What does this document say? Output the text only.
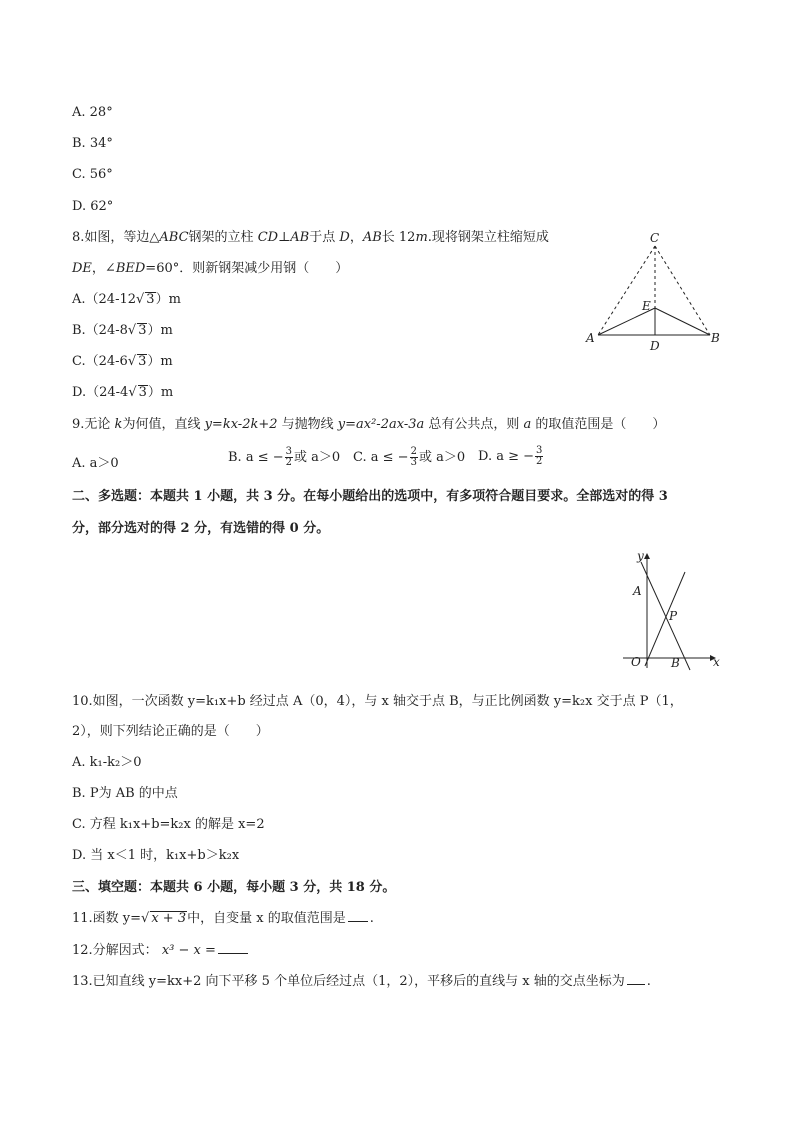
A. 28°
B. 34°
C. 56°
D. 62°
8.如图，等边△ABC钢架的立柱 CD⊥AB于点 D，AB长 12m.现将钢架立柱缩短成
DE，∠BED=60°．则新钢架减少用钢（　　）
A.（24-12√ 3）m
B.（24-8√ 3）m
C.（24-6√ 3）m
D.（24-4√ 3）m
C
E
A
D
B
9.无论 k为何值，直线 y=kx-2k+2 与抛物线 y=ax²-2ax-3a 总有公共点，则 a 的取值范围是（　　）
A. a＞0	B. a ≤ − $\frac{3}{2}$ 或 a＞0 C. a ≤ − $\frac{2}{3}$ 或 a＞0 D. a ≥ − $\frac{3}{2}$
二、多选题：本题共 1 小题，共 3 分。在每小题给出的选项中，有多项符合题目要求。全部选对的得 3
分，部分选对的得 2 分，有选错的得 0 分。
y
x
A
P
O	B
10.如图，一次函数 y=k₁x+b 经过点 A（0，4），与 x 轴交于点 B，与正比例函数 y=k₂x 交于点 P（1，
2），则下列结论正确的是（　　）
A. k₁-k₂＞0
B. P为 AB 的中点
C. 方程 k₁x+b=k₂x 的解是 x=2
D. 当 x＜1 时，k₁x+b＞k₂x
三、填空题：本题共 6 小题，每小题 3 分，共 18 分。
11.函数 y=√ x + 3中，自变量 x 的取值范围是 .
12.分解因式： x³ − x =
13.已知直线 y=kx+2 向下平移 5 个单位后经过点（1，2），平移后的直线与 x 轴的交点坐标为 .
